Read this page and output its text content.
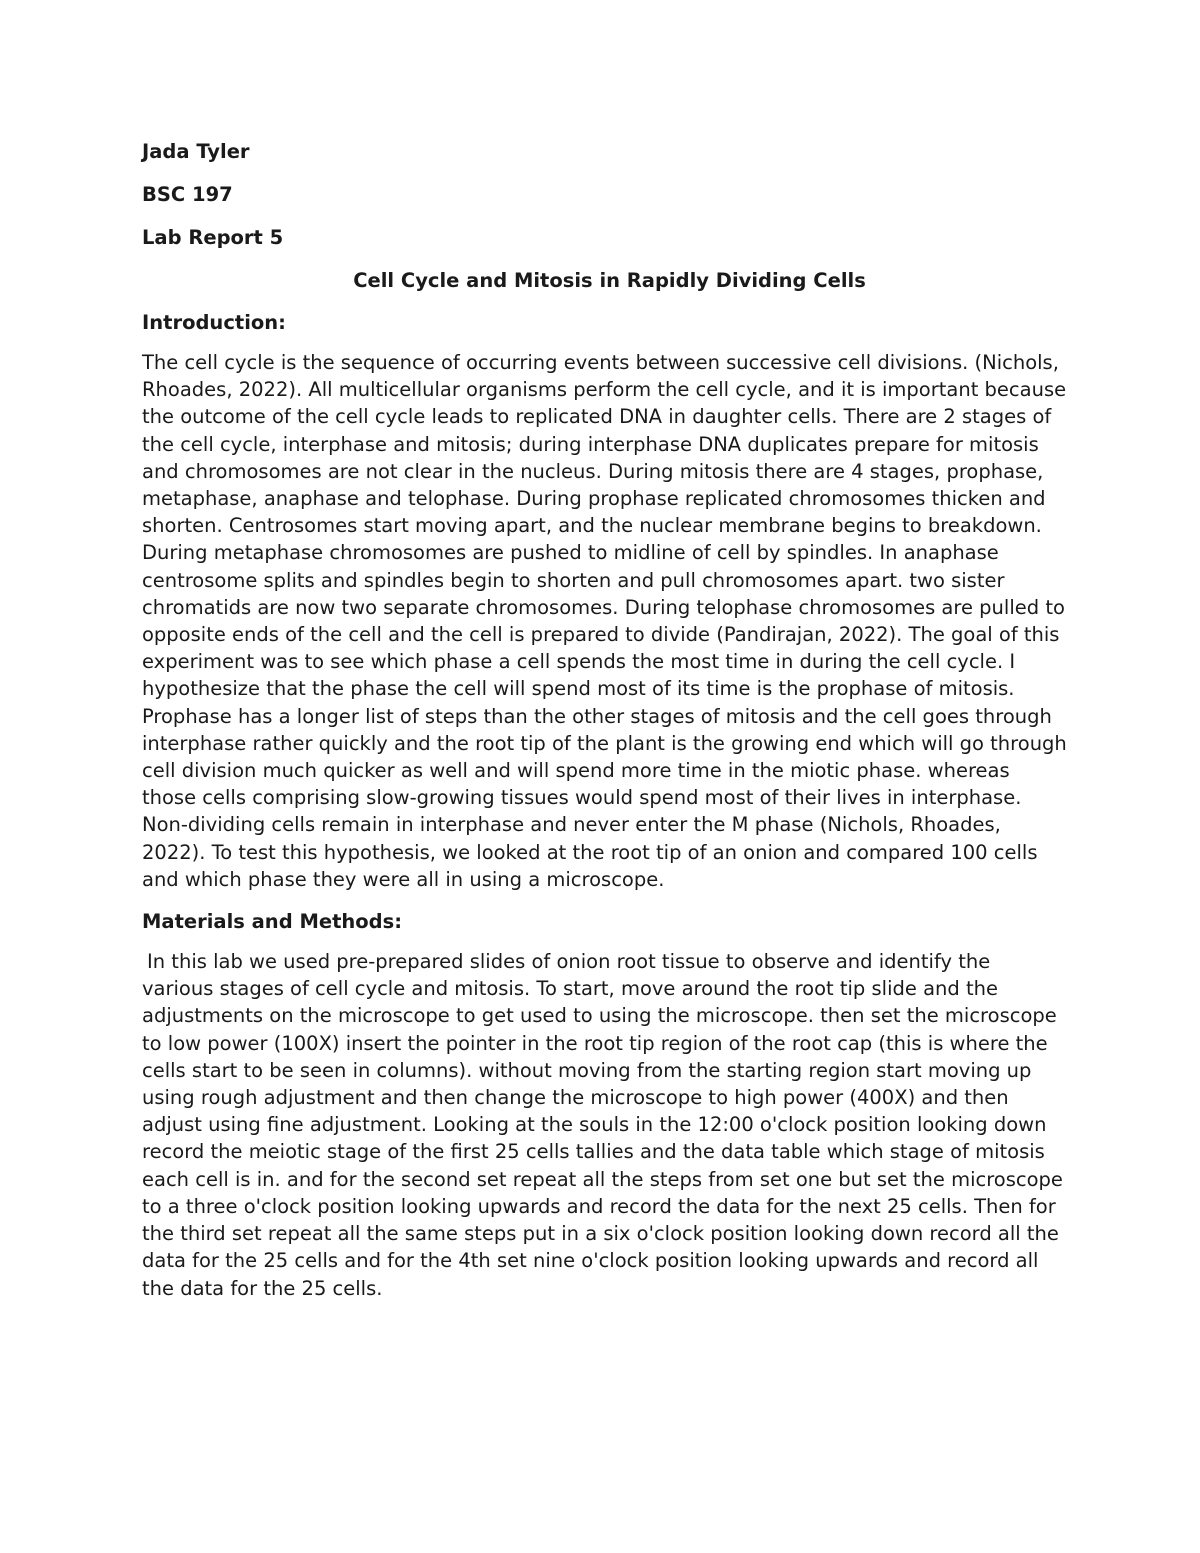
Jada Tyler

BSC 197

Lab Report 5

Cell Cycle and Mitosis in Rapidly Dividing Cells

Introduction:

The cell cycle is the sequence of occurring events between successive cell divisions. (Nichols, Rhoades, 2022). All multicellular organisms perform the cell cycle, and it is important because the outcome of the cell cycle leads to replicated DNA in daughter cells. There are 2 stages of the cell cycle, interphase and mitosis; during interphase DNA duplicates prepare for mitosis and chromosomes are not clear in the nucleus. During mitosis there are 4 stages, prophase, metaphase, anaphase and telophase. During prophase replicated chromosomes thicken and shorten. Centrosomes start moving apart, and the nuclear membrane begins to breakdown. During metaphase chromosomes are pushed to midline of cell by spindles. In anaphase centrosome splits and spindles begin to shorten and pull chromosomes apart. two sister chromatids are now two separate chromosomes. During telophase chromosomes are pulled to opposite ends of the cell and the cell is prepared to divide (Pandirajan, 2022). The goal of this experiment was to see which phase a cell spends the most time in during the cell cycle. I hypothesize that the phase the cell will spend most of its time is the prophase of mitosis. Prophase has a longer list of steps than the other stages of mitosis and the cell goes through interphase rather quickly and the root tip of the plant is the growing end which will go through cell division much quicker as well and will spend more time in the miotic phase. whereas those cells comprising slow-growing tissues would spend most of their lives in interphase. Non-dividing cells remain in interphase and never enter the M phase (Nichols, Rhoades, 2022). To test this hypothesis, we looked at the root tip of an onion and compared 100 cells and which phase they were all in using a microscope.

Materials and Methods:

In this lab we used pre-prepared slides of onion root tissue to observe and identify the various stages of cell cycle and mitosis. To start, move around the root tip slide and the adjustments on the microscope to get used to using the microscope. then set the microscope to low power (100X) insert the pointer in the root tip region of the root cap (this is where the cells start to be seen in columns). without moving from the starting region start moving up using rough adjustment and then change the microscope to high power (400X) and then adjust using fine adjustment. Looking at the souls in the 12:00 o'clock position looking down record the meiotic stage of the first 25 cells tallies and the data table which stage of mitosis each cell is in. and for the second set repeat all the steps from set one but set the microscope to a three o'clock position looking upwards and record the data for the next 25 cells. Then for the third set repeat all the same steps put in a six o'clock position looking down record all the data for the 25 cells and for the 4th set nine o'clock position looking upwards and record all the data for the 25 cells.
